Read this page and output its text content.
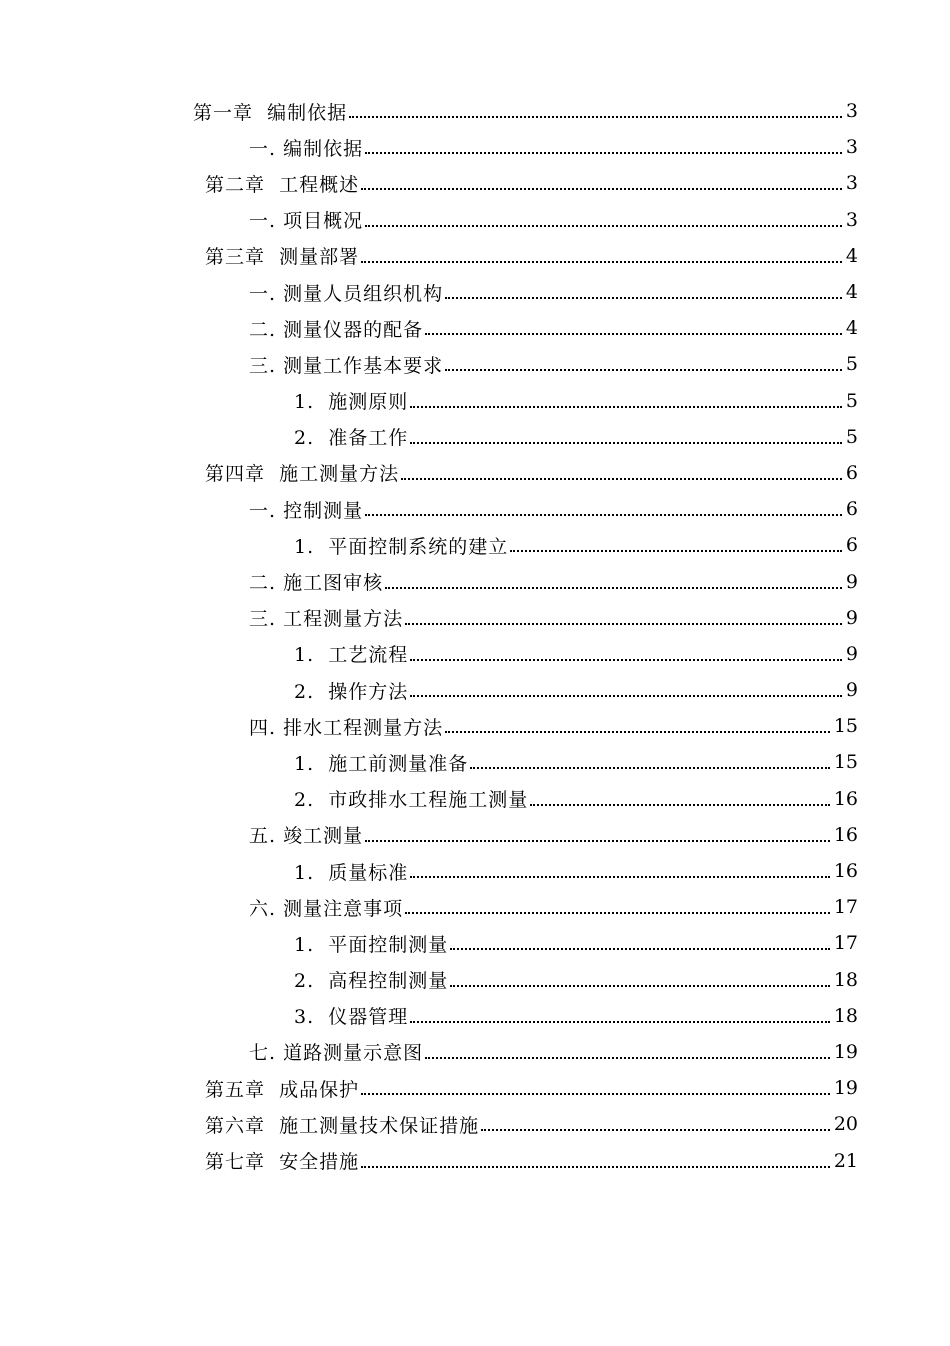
第一章  编制依据	3
一. 编制依据	3
第二章  工程概述	3
一. 项目概况	3
第三章  测量部署	4
一. 测量人员组织机构	4
二. 测量仪器的配备	4
三. 测量工作基本要求	5
1.  施测原则	5
2.  准备工作	5
第四章  施工测量方法	6
一. 控制测量	6
1.  平面控制系统的建立	6
二. 施工图审核	9
三. 工程测量方法	9
1.  工艺流程	9
2.  操作方法	9
四. 排水工程测量方法	15
1.  施工前测量准备	15
2.  市政排水工程施工测量	16
五. 竣工测量	16
1.  质量标准	16
六. 测量注意事项	17
1.  平面控制测量	17
2.  高程控制测量	18
3.  仪器管理	18
七. 道路测量示意图	19
第五章  成品保护	19
第六章  施工测量技术保证措施	20
第七章  安全措施	21
